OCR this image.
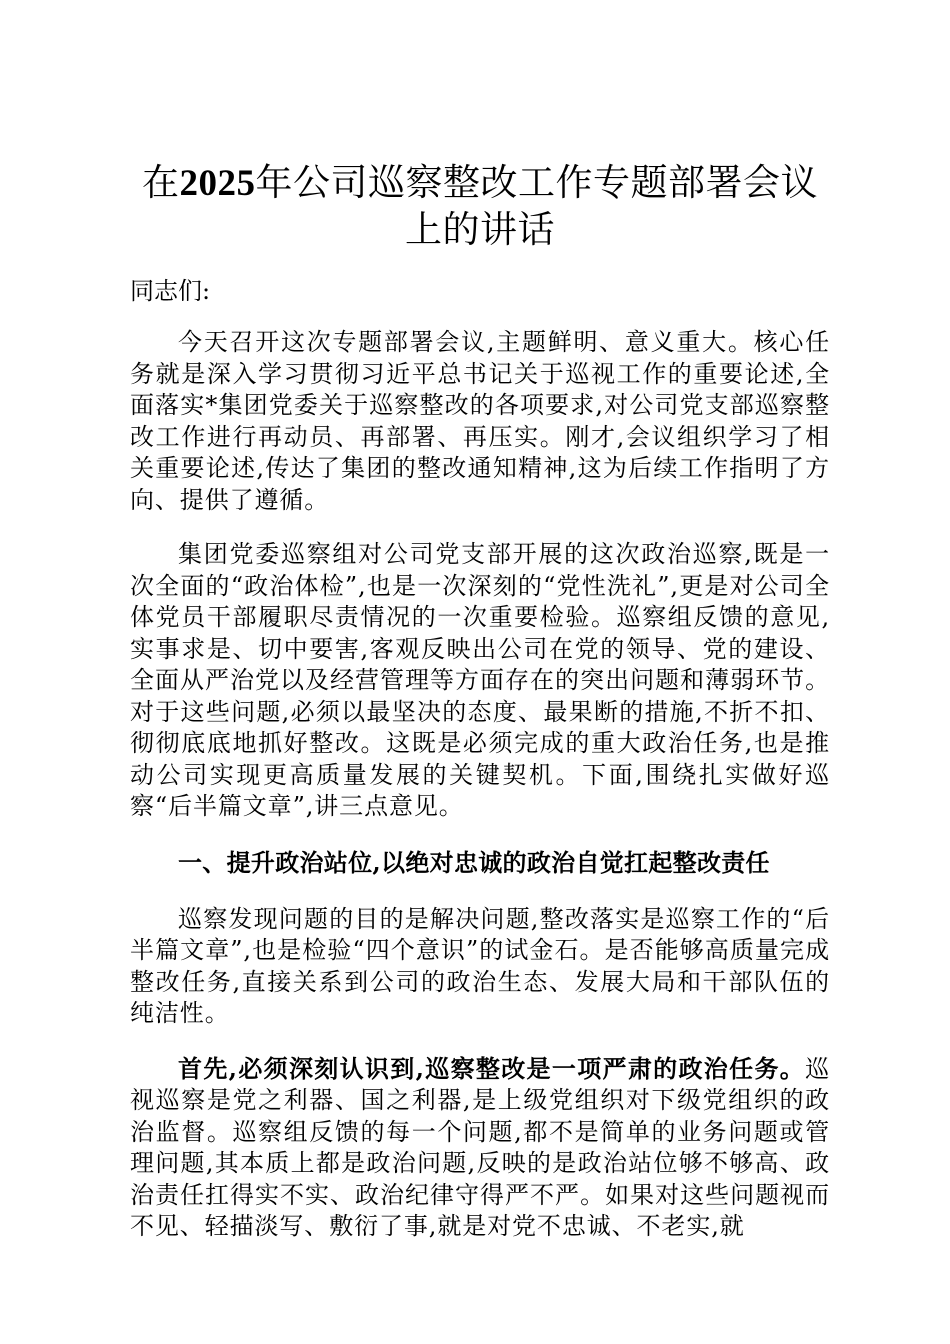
在2025年公司巡察整改工作专题部署会议上的讲话

同志们:

今天召开这次专题部署会议,主题鲜明、意义重大。核心任务就是深入学习贯彻习近平总书记关于巡视工作的重要论述,全面落实*集团党委关于巡察整改的各项要求,对公司党支部巡察整改工作进行再动员、再部署、再压实。刚才,会议组织学习了相关重要论述,传达了集团的整改通知精神,这为后续工作指明了方向、提供了遵循。

集团党委巡察组对公司党支部开展的这次政治巡察,既是一次全面的“政治体检”,也是一次深刻的“党性洗礼”,更是对公司全体党员干部履职尽责情况的一次重要检验。巡察组反馈的意见,实事求是、切中要害,客观反映出公司在党的领导、党的建设、全面从严治党以及经营管理等方面存在的突出问题和薄弱环节。对于这些问题,必须以最坚决的态度、最果断的措施,不折不扣、彻彻底底地抓好整改。这既是必须完成的重大政治任务,也是推动公司实现更高质量发展的关键契机。下面,围绕扎实做好巡察“后半篇文章”,讲三点意见。

一、提升政治站位,以绝对忠诚的政治自觉扛起整改责任

巡察发现问题的目的是解决问题,整改落实是巡察工作的“后半篇文章”,也是检验“四个意识”的试金石。是否能够高质量完成整改任务,直接关系到公司的政治生态、发展大局和干部队伍的纯洁性。

首先,必须深刻认识到,巡察整改是一项严肃的政治任务。巡视巡察是党之利器、国之利器,是上级党组织对下级党组织的政治监督。巡察组反馈的每一个问题,都不是简单的业务问题或管理问题,其本质上都是政治问题,反映的是政治站位够不够高、政治责任扛得实不实、政治纪律守得严不严。如果对这些问题视而不见、轻描淡写、敷衍了事,就是对党不忠诚、不老实,就
